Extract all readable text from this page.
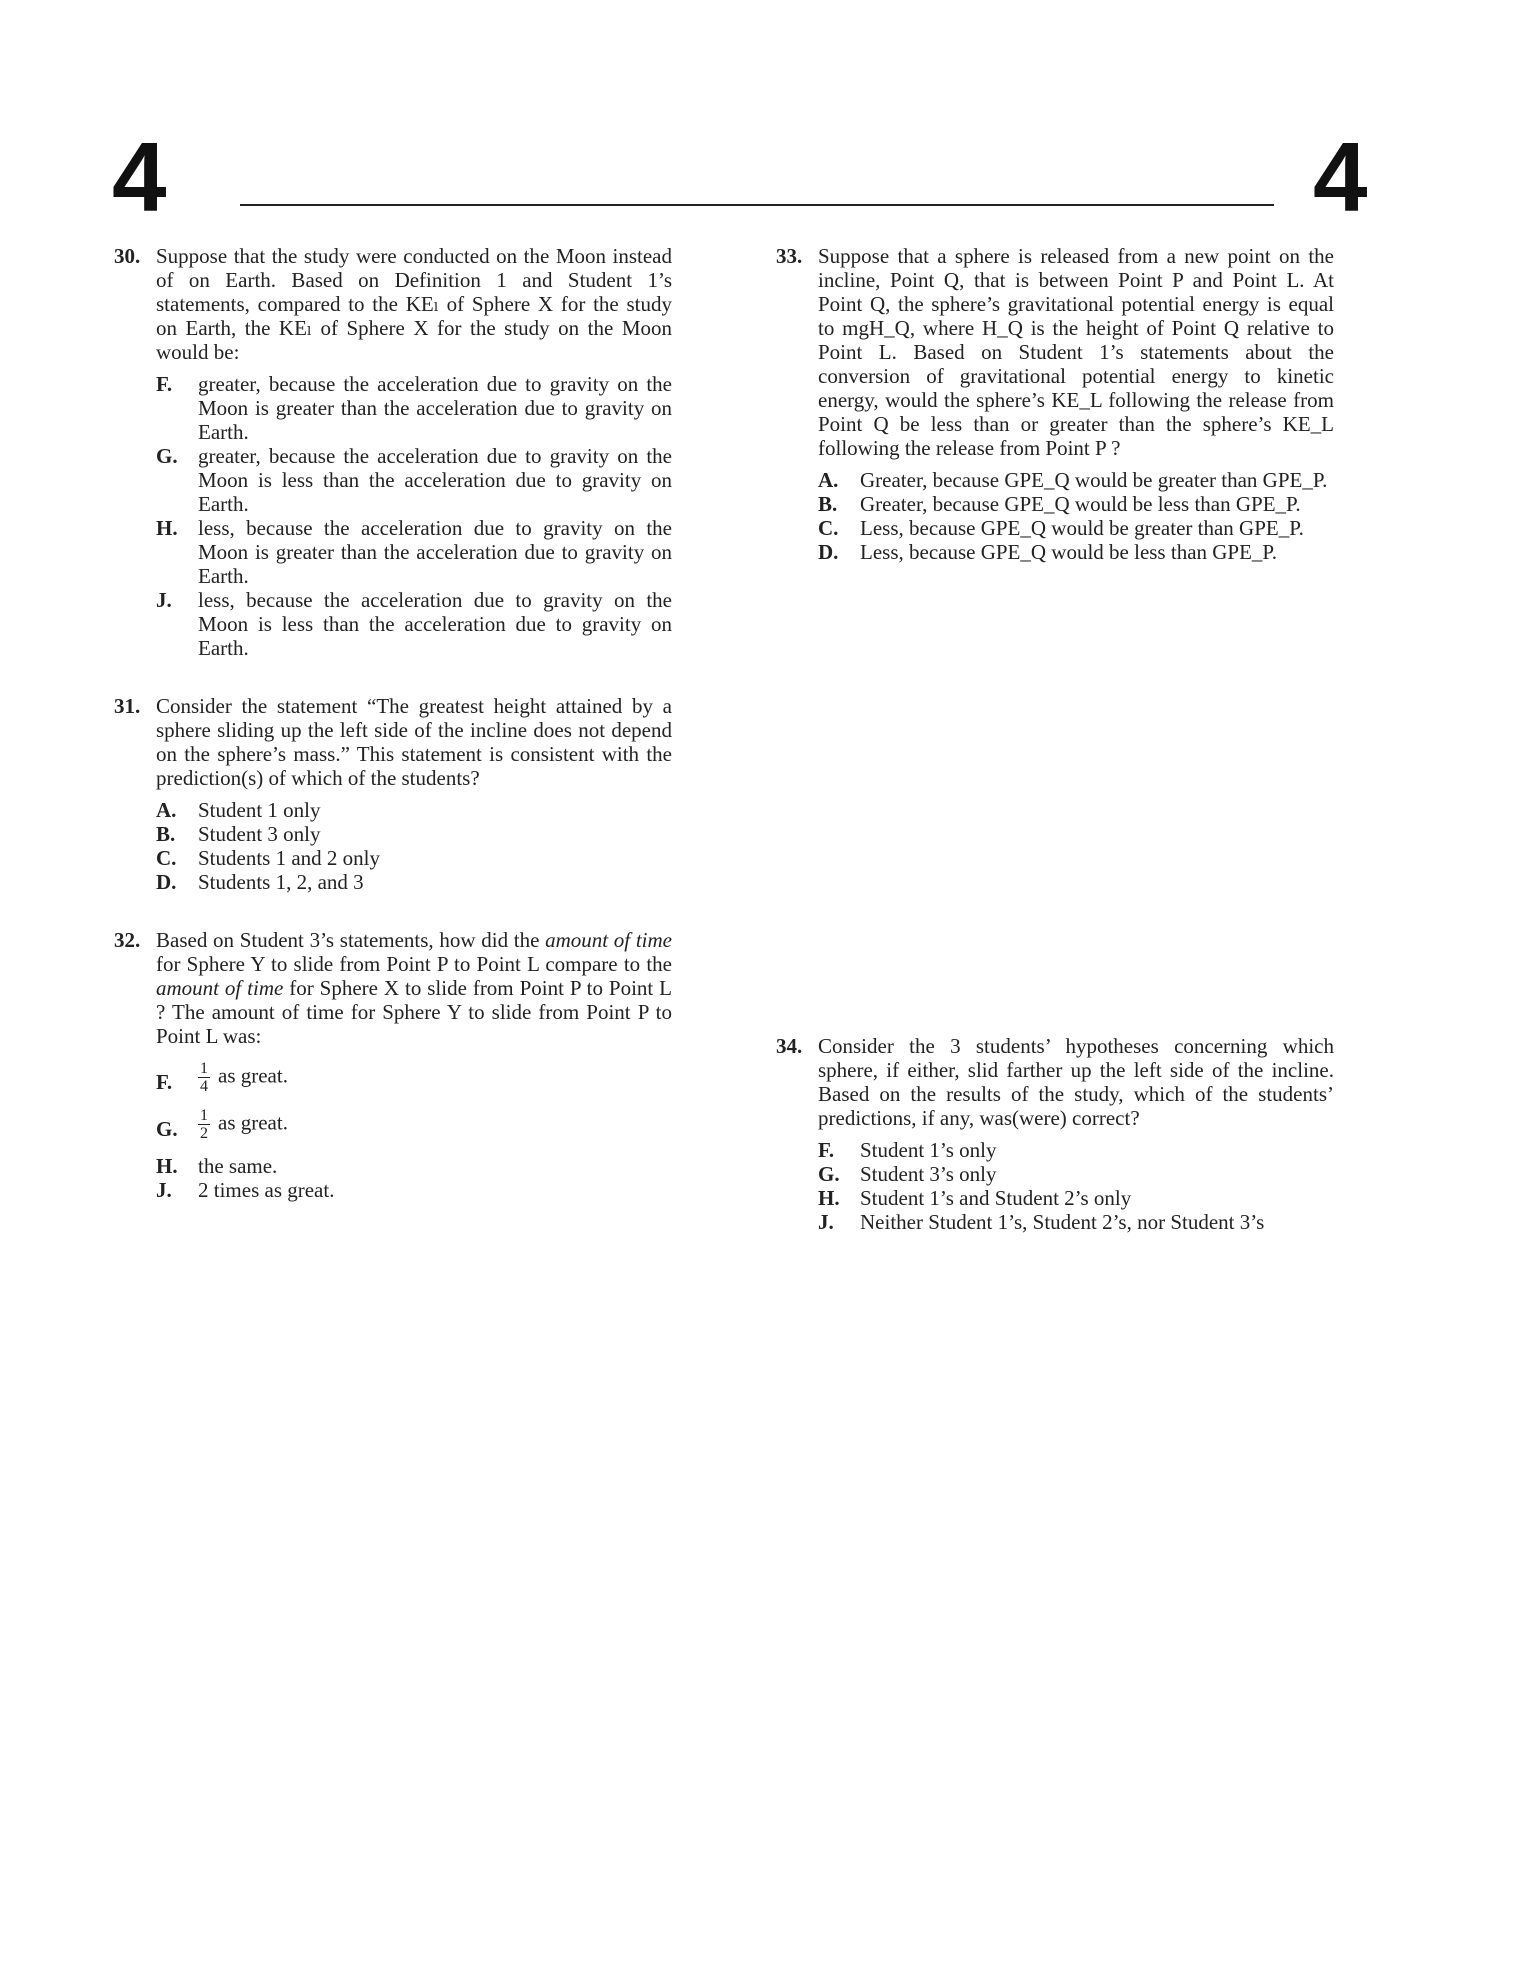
4	4
30. Suppose that the study were conducted on the Moon instead of on Earth. Based on Definition 1 and Student 1’s statements, compared to the KEₗ of Sphere X for the study on Earth, the KEₗ of Sphere X for the study on the Moon would be:
F. greater, because the acceleration due to gravity on the Moon is greater than the acceleration due to gravity on Earth.
G. greater, because the acceleration due to gravity on the Moon is less than the acceleration due to gravity on Earth.
H. less, because the acceleration due to gravity on the Moon is greater than the acceleration due to gravity on Earth.
J. less, because the acceleration due to gravity on the Moon is less than the acceleration due to gravity on Earth.
31. Consider the statement “The greatest height attained by a sphere sliding up the left side of the incline does not depend on the sphere’s mass.” This statement is consistent with the prediction(s) of which of the students?
A. Student 1 only
B. Student 3 only
C. Students 1 and 2 only
D. Students 1, 2, and 3
32. Based on Student 3’s statements, how did the amount of time for Sphere Y to slide from Point P to Point L compare to the amount of time for Sphere X to slide from Point P to Point L ? The amount of time for Sphere Y to slide from Point P to Point L was:
F. $\frac{1}{4}$ as great.
G. $\frac{1}{2}$ as great.
H. the same.
J. 2 times as great.
33. Suppose that a sphere is released from a new point on the incline, Point Q, that is between Point P and Point L. At Point Q, the sphere’s gravitational potential energy is equal to mgH_Q, where H_Q is the height of Point Q relative to Point L. Based on Student 1’s statements about the conversion of gravitational potential energy to kinetic energy, would the sphere’s KE_L following the release from Point Q be less than or greater than the sphere’s KE_L following the release from Point P ?
A. Greater, because GPE_Q would be greater than GPE_P.
B. Greater, because GPE_Q would be less than GPE_P.
C. Less, because GPE_Q would be greater than GPE_P.
D. Less, because GPE_Q would be less than GPE_P.
34. Consider the 3 students’ hypotheses concerning which sphere, if either, slid farther up the left side of the incline. Based on the results of the study, which of the students’ predictions, if any, was(were) correct?
F. Student 1’s only
G. Student 3’s only
H. Student 1’s and Student 2’s only
J. Neither Student 1’s, Student 2’s, nor Student 3’s
